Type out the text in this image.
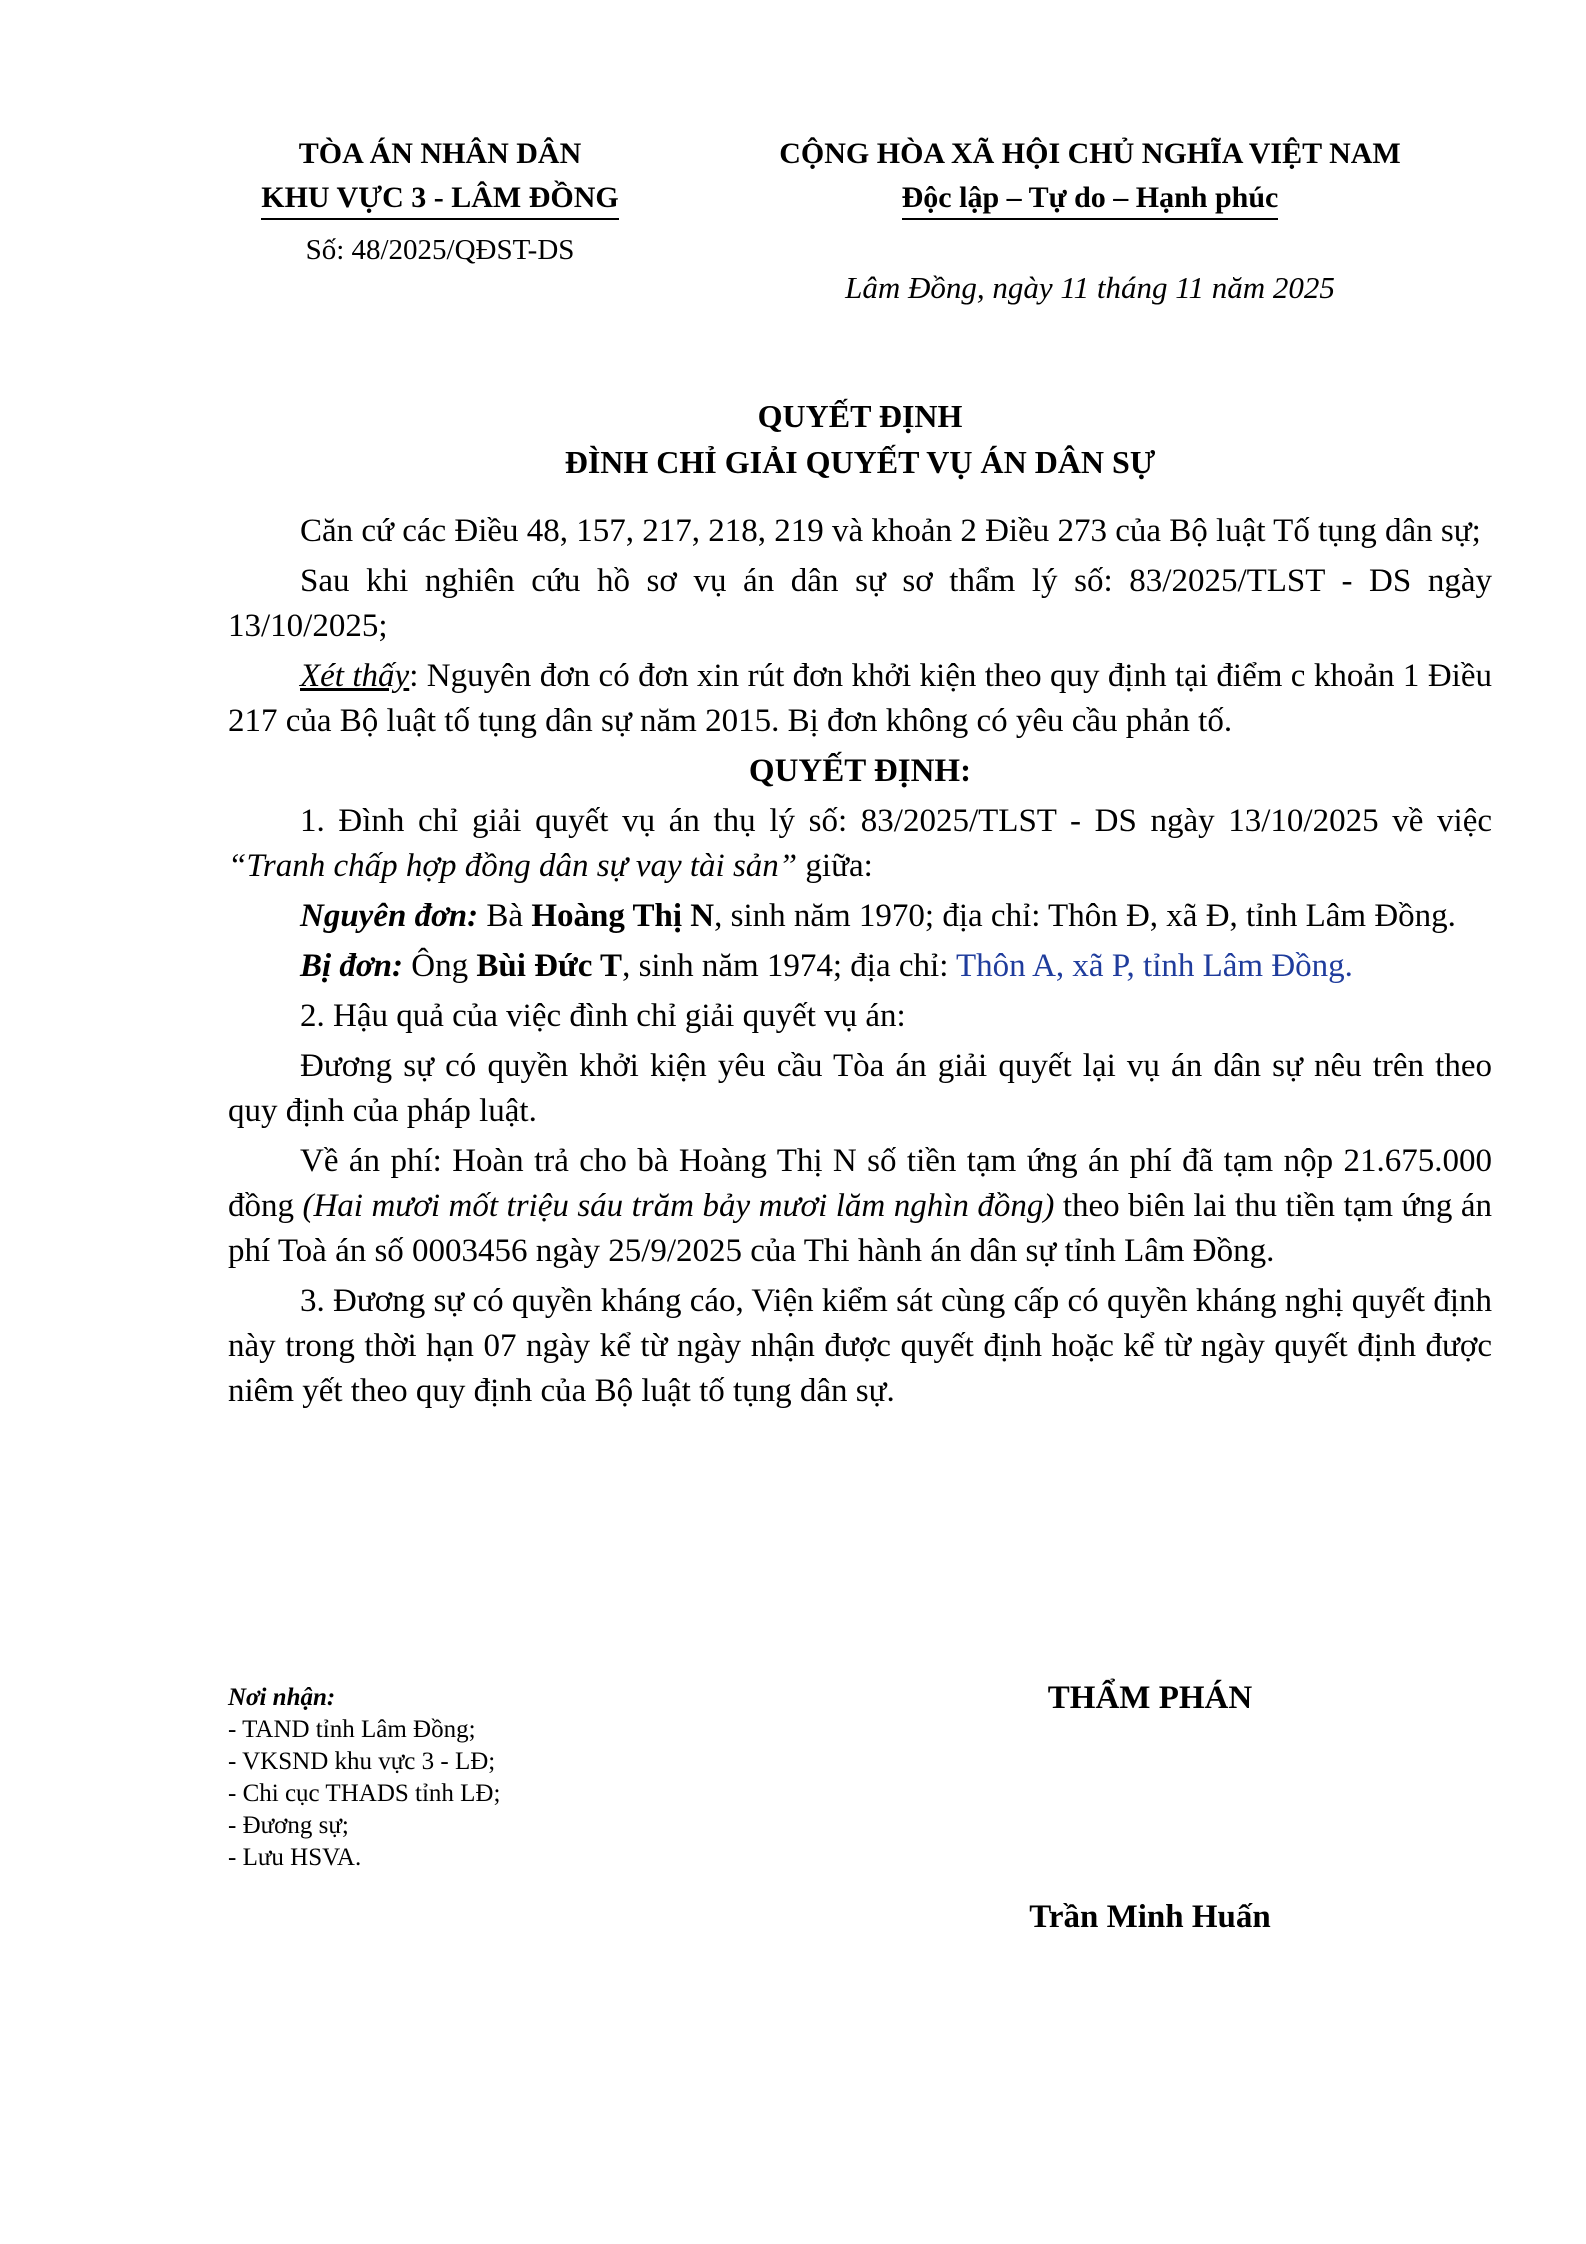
TÒA ÁN NHÂN DÂN
KHU VỰC 3 - LÂM ĐỒNG
Số: 48/2025/QĐST-DS
CỘNG HÒA XÃ HỘI CHỦ NGHĨA VIỆT NAM
Độc lập – Tự do – Hạnh phúc
Lâm Đồng, ngày 11 tháng 11 năm 2025
QUYẾT ĐỊNH
ĐÌNH CHỈ GIẢI QUYẾT VỤ ÁN DÂN SỰ

Căn cứ các Điều 48, 157, 217, 218, 219 và khoản 2 Điều 273 của Bộ luật Tố tụng dân sự;

Sau khi nghiên cứu hồ sơ vụ án dân sự sơ thẩm lý số: 83/2025/TLST - DS ngày 13/10/2025;

Xét thấy: Nguyên đơn có đơn xin rút đơn khởi kiện theo quy định tại điểm c khoản 1 Điều 217 của Bộ luật tố tụng dân sự năm 2015. Bị đơn không có yêu cầu phản tố.

QUYẾT ĐỊNH:

1. Đình chỉ giải quyết vụ án thụ lý số: 83/2025/TLST - DS ngày 13/10/2025 về việc “Tranh chấp hợp đồng dân sự vay tài sản” giữa:

Nguyên đơn: Bà Hoàng Thị N, sinh năm 1970; địa chỉ: Thôn Đ, xã Đ, tỉnh Lâm Đồng.

Bị đơn: Ông Bùi Đức T, sinh năm 1974; địa chỉ: Thôn A, xã P, tỉnh Lâm Đồng.

2. Hậu quả của việc đình chỉ giải quyết vụ án:

Đương sự có quyền khởi kiện yêu cầu Tòa án giải quyết lại vụ án dân sự nêu trên theo quy định của pháp luật.

Về án phí: Hoàn trả cho bà Hoàng Thị N số tiền tạm ứng án phí đã tạm nộp 21.675.000 đồng (Hai mươi mốt triệu sáu trăm bảy mươi lăm nghìn đồng) theo biên lai thu tiền tạm ứng án phí Toà án số 0003456 ngày 25/9/2025 của Thi hành án dân sự tỉnh Lâm Đồng.

3. Đương sự có quyền kháng cáo, Viện kiểm sát cùng cấp có quyền kháng nghị quyết định này trong thời hạn 07 ngày kể từ ngày nhận được quyết định hoặc kể từ ngày quyết định được niêm yết theo quy định của Bộ luật tố tụng dân sự.

Nơi nhận:
- TAND tỉnh Lâm Đồng;
- VKSND khu vực 3 - LĐ;
- Chi cục THADS tỉnh LĐ;
- Đương sự;
- Lưu HSVA.
THẨM PHÁN
Trần Minh Huấn
